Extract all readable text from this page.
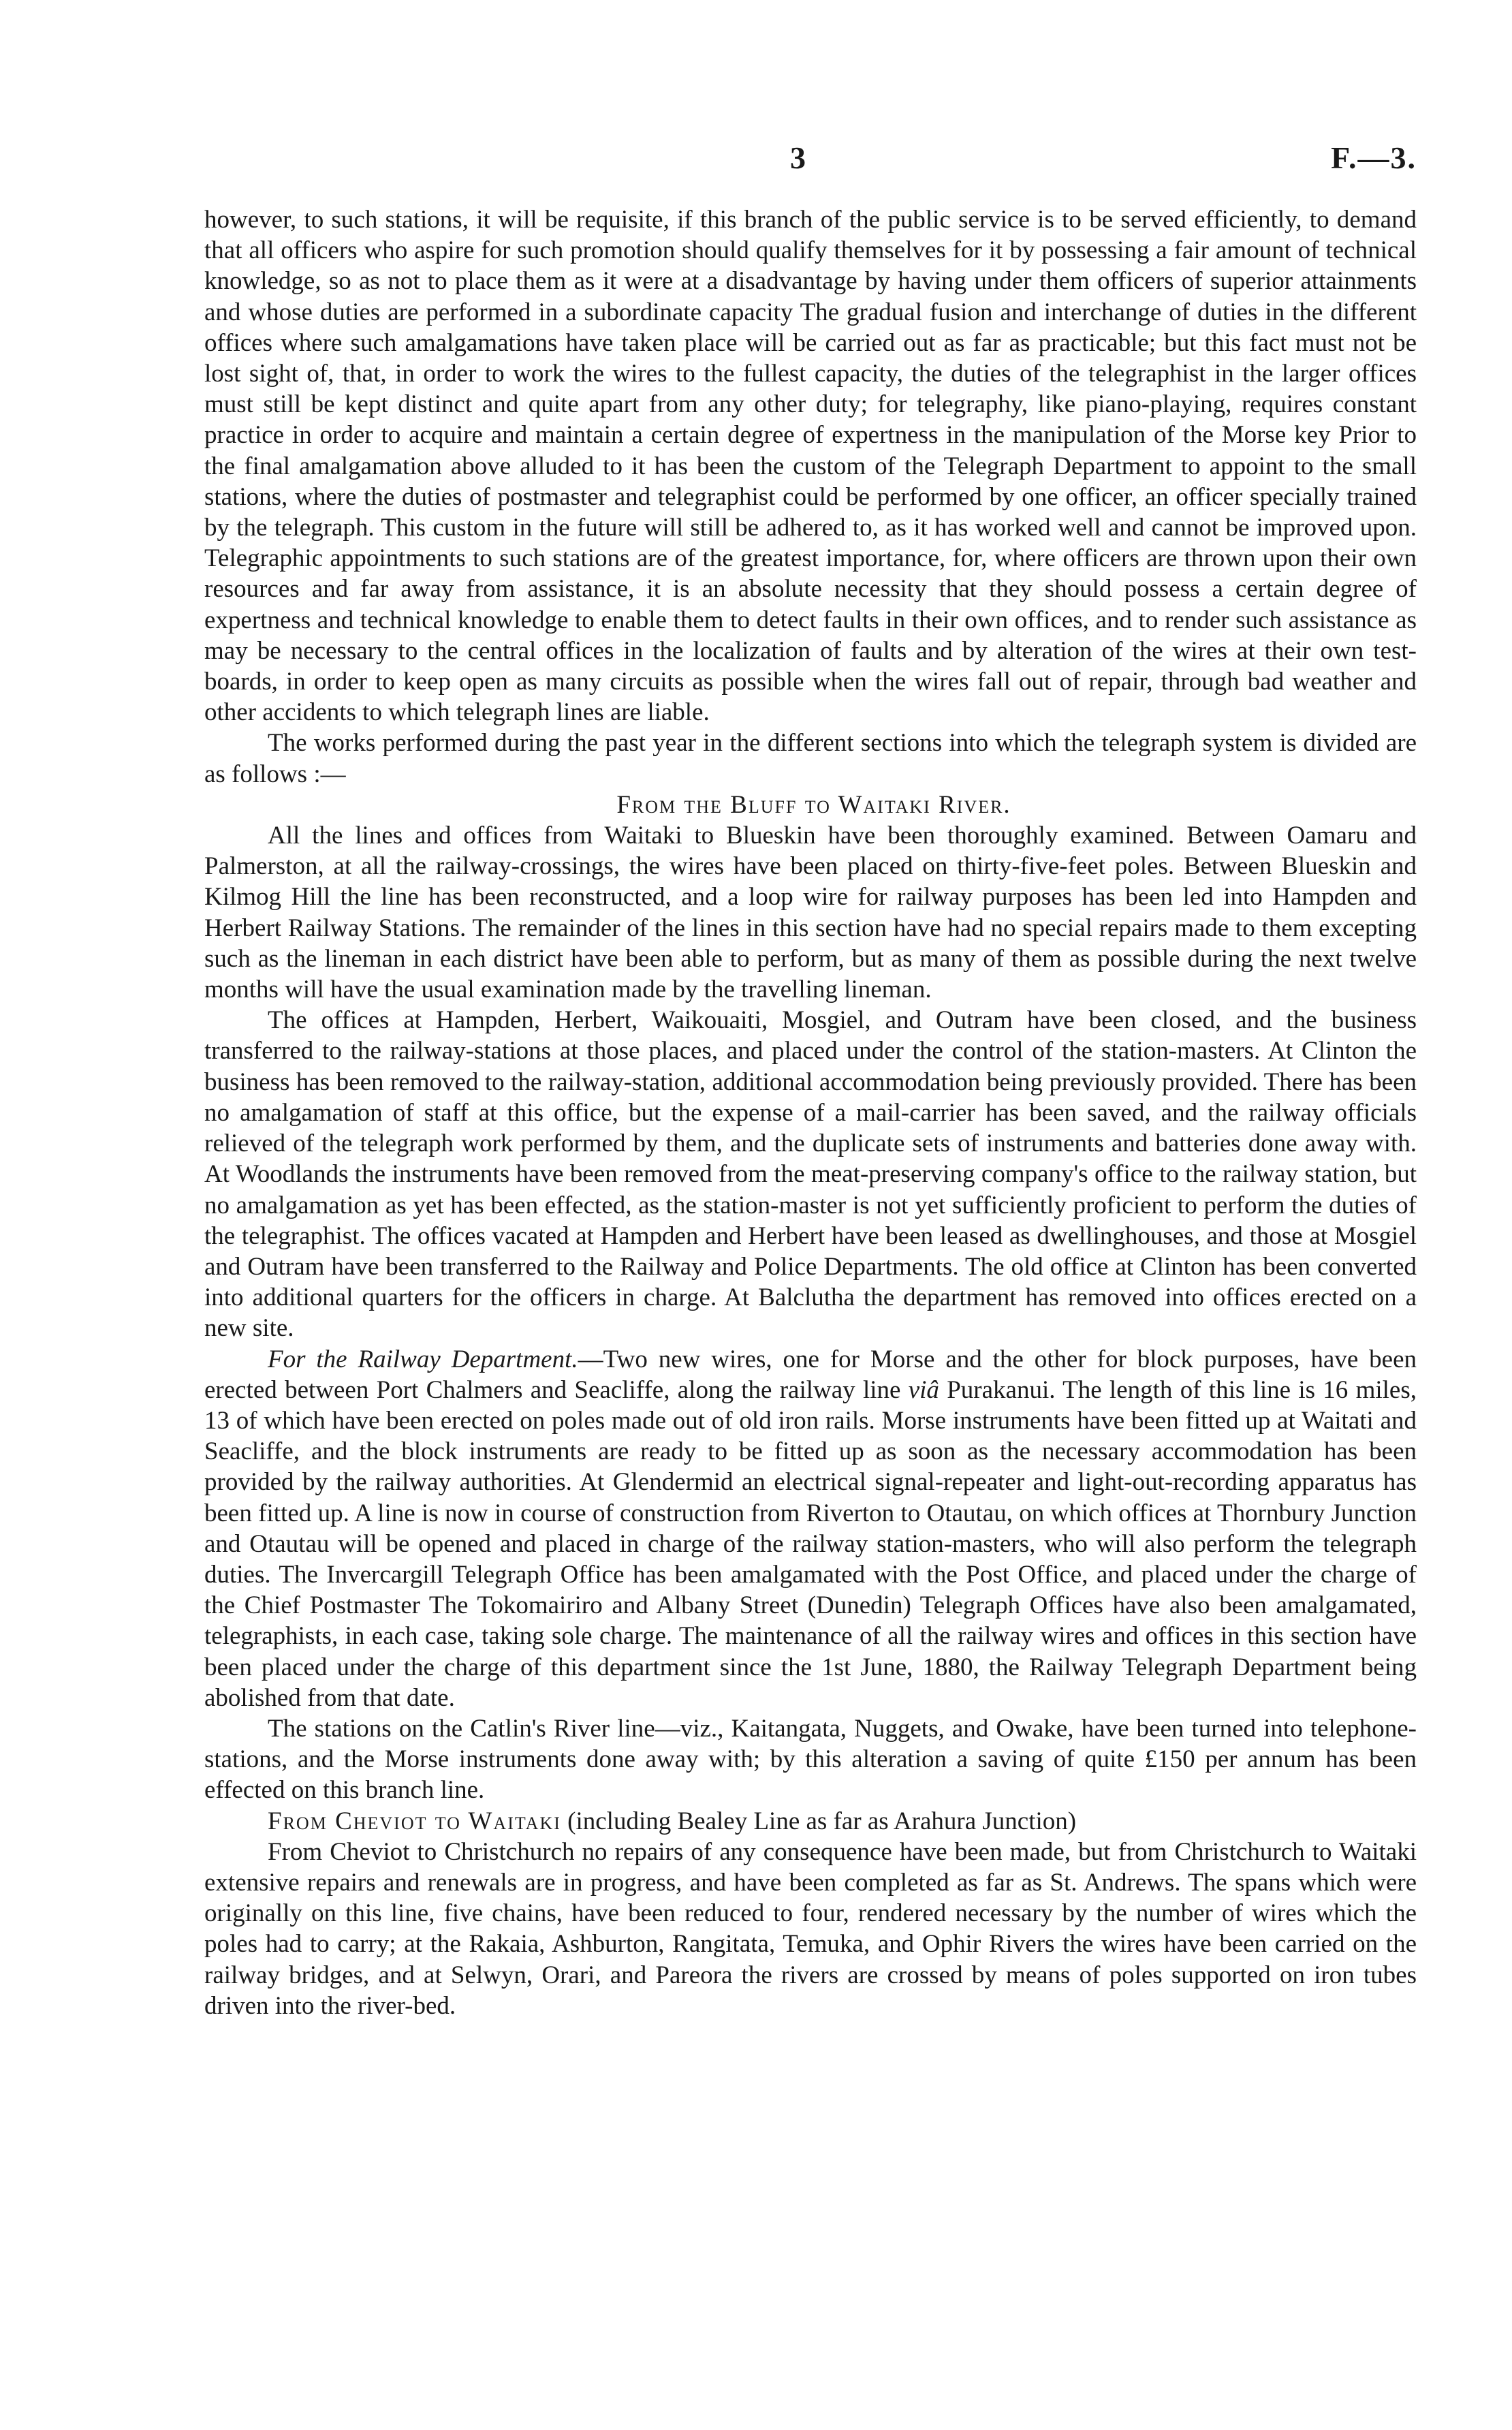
3	F.—3.

however, to such stations, it will be requisite, if this branch of the public service is to be served efficiently, to demand that all officers who aspire for such promotion should qualify themselves for it by possessing a fair amount of technical knowledge, so as not to place them as it were at a disadvantage by having under them officers of superior attainments and whose duties are performed in a subordinate capacity The gradual fusion and interchange of duties in the different offices where such amalgamations have taken place will be carried out as far as practicable; but this fact must not be lost sight of, that, in order to work the wires to the fullest capacity, the duties of the telegraphist in the larger offices must still be kept distinct and quite apart from any other duty; for telegraphy, like piano-playing, requires constant practice in order to acquire and maintain a certain degree of expertness in the manipulation of the Morse key Prior to the final amalgamation above alluded to it has been the custom of the Telegraph Department to appoint to the small stations, where the duties of postmaster and telegraphist could be performed by one officer, an officer specially trained by the telegraph. This custom in the future will still be adhered to, as it has worked well and cannot be improved upon. Telegraphic appointments to such stations are of the greatest importance, for, where officers are thrown upon their own resources and far away from assistance, it is an absolute necessity that they should possess a certain degree of expertness and technical knowledge to enable them to detect faults in their own offices, and to render such assistance as may be necessary to the central offices in the localization of faults and by alteration of the wires at their own test-boards, in order to keep open as many circuits as possible when the wires fall out of repair, through bad weather and other accidents to which telegraph lines are liable.

The works performed during the past year in the different sections into which the telegraph system is divided are as follows :—

From the Bluff to Waitaki River.

All the lines and offices from Waitaki to Blueskin have been thoroughly examined. Between Oamaru and Palmerston, at all the railway-crossings, the wires have been placed on thirty-five-feet poles. Between Blueskin and Kilmog Hill the line has been reconstructed, and a loop wire for railway purposes has been led into Hampden and Herbert Railway Stations. The remainder of the lines in this section have had no special repairs made to them excepting such as the lineman in each district have been able to perform, but as many of them as possible during the next twelve months will have the usual examination made by the travelling lineman.

The offices at Hampden, Herbert, Waikouaiti, Mosgiel, and Outram have been closed, and the business transferred to the railway-stations at those places, and placed under the control of the station-masters. At Clinton the business has been removed to the railway-station, additional accommodation being previously provided. There has been no amalgamation of staff at this office, but the expense of a mail-carrier has been saved, and the railway officials relieved of the telegraph work performed by them, and the duplicate sets of instruments and batteries done away with. At Woodlands the instruments have been removed from the meat-preserving company's office to the railway station, but no amalgamation as yet has been effected, as the station-master is not yet sufficiently proficient to perform the duties of the telegraphist. The offices vacated at Hampden and Herbert have been leased as dwellinghouses, and those at Mosgiel and Outram have been transferred to the Railway and Police Departments. The old office at Clinton has been converted into additional quarters for the officers in charge. At Balclutha the department has removed into offices erected on a new site.

For the Railway Department.—Two new wires, one for Morse and the other for block purposes, have been erected between Port Chalmers and Seacliffe, along the railway line viâ Purakanui. The length of this line is 16 miles, 13 of which have been erected on poles made out of old iron rails. Morse instruments have been fitted up at Waitati and Seacliffe, and the block instruments are ready to be fitted up as soon as the necessary accommodation has been provided by the railway authorities. At Glendermid an electrical signal-repeater and light-out-recording apparatus has been fitted up. A line is now in course of construction from Riverton to Otautau, on which offices at Thornbury Junction and Otautau will be opened and placed in charge of the railway station-masters, who will also perform the telegraph duties. The Invercargill Telegraph Office has been amalgamated with the Post Office, and placed under the charge of the Chief Postmaster The Tokomairiro and Albany Street (Dunedin) Telegraph Offices have also been amalgamated, telegraphists, in each case, taking sole charge. The maintenance of all the railway wires and offices in this section have been placed under the charge of this department since the 1st June, 1880, the Railway Telegraph Department being abolished from that date.

The stations on the Catlin's River line—viz., Kaitangata, Nuggets, and Owake, have been turned into telephone-stations, and the Morse instruments done away with; by this alteration a saving of quite £150 per annum has been effected on this branch line.

From Cheviot to Waitaki (including Bealey Line as far as Arahura Junction)

From Cheviot to Christchurch no repairs of any consequence have been made, but from Christchurch to Waitaki extensive repairs and renewals are in progress, and have been completed as far as St. Andrews. The spans which were originally on this line, five chains, have been reduced to four, rendered necessary by the number of wires which the poles had to carry; at the Rakaia, Ashburton, Rangitata, Temuka, and Ophir Rivers the wires have been carried on the railway bridges, and at Selwyn, Orari, and Pareora the rivers are crossed by means of poles supported on iron tubes driven into the river-bed.
